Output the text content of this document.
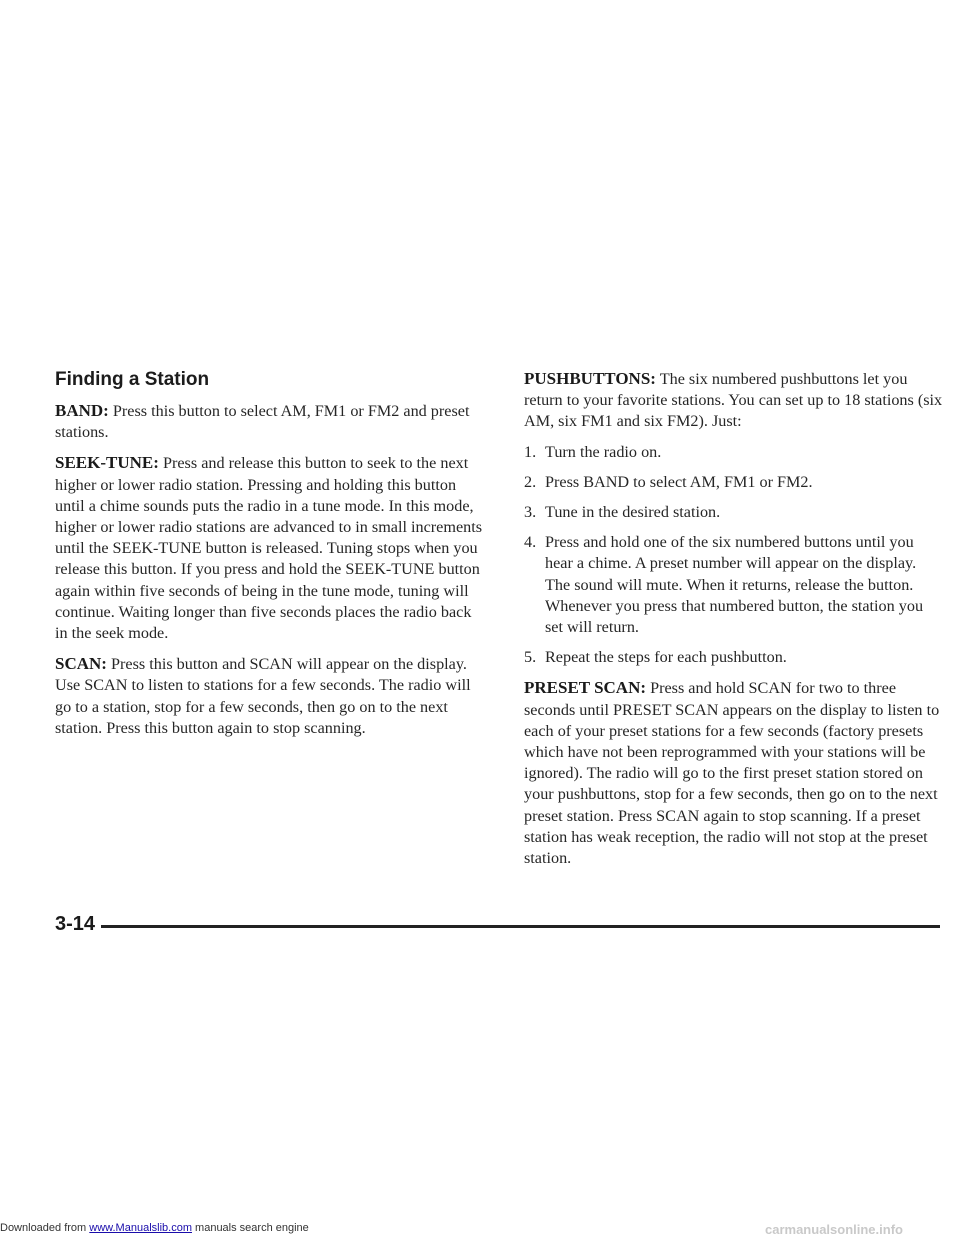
Finding a Station

BAND: Press this button to select AM, FM1 or FM2 and preset stations.

SEEK-TUNE: Press and release this button to seek to the next higher or lower radio station. Pressing and holding this button until a chime sounds puts the radio in a tune mode. In this mode, higher or lower radio stations are advanced to in small increments until the SEEK-TUNE button is released. Tuning stops when you release this button. If you press and hold the SEEK-TUNE button again within five seconds of being in the tune mode, tuning will continue. Waiting longer than five seconds places the radio back in the seek mode.

SCAN: Press this button and SCAN will appear on the display. Use SCAN to listen to stations for a few seconds. The radio will go to a station, stop for a few seconds, then go on to the next station. Press this button again to stop scanning.

PUSHBUTTONS: The six numbered pushbuttons let you return to your favorite stations. You can set up to 18 stations (six AM, six FM1 and six FM2). Just:

1. Turn the radio on.
2. Press BAND to select AM, FM1 or FM2.
3. Tune in the desired station.
4. Press and hold one of the six numbered buttons until you hear a chime. A preset number will appear on the display. The sound will mute. When it returns, release the button. Whenever you press that numbered button, the station you set will return.
5. Repeat the steps for each pushbutton.

PRESET SCAN: Press and hold SCAN for two to three seconds until PRESET SCAN appears on the display to listen to each of your preset stations for a few seconds (factory presets which have not been reprogrammed with your stations will be ignored). The radio will go to the first preset station stored on your pushbuttons, stop for a few seconds, then go on to the next preset station. Press SCAN again to stop scanning. If a preset station has weak reception, the radio will not stop at the preset station.

3-14
Downloaded from www.Manualslib.com manuals search engine	carmanualsonline.info
